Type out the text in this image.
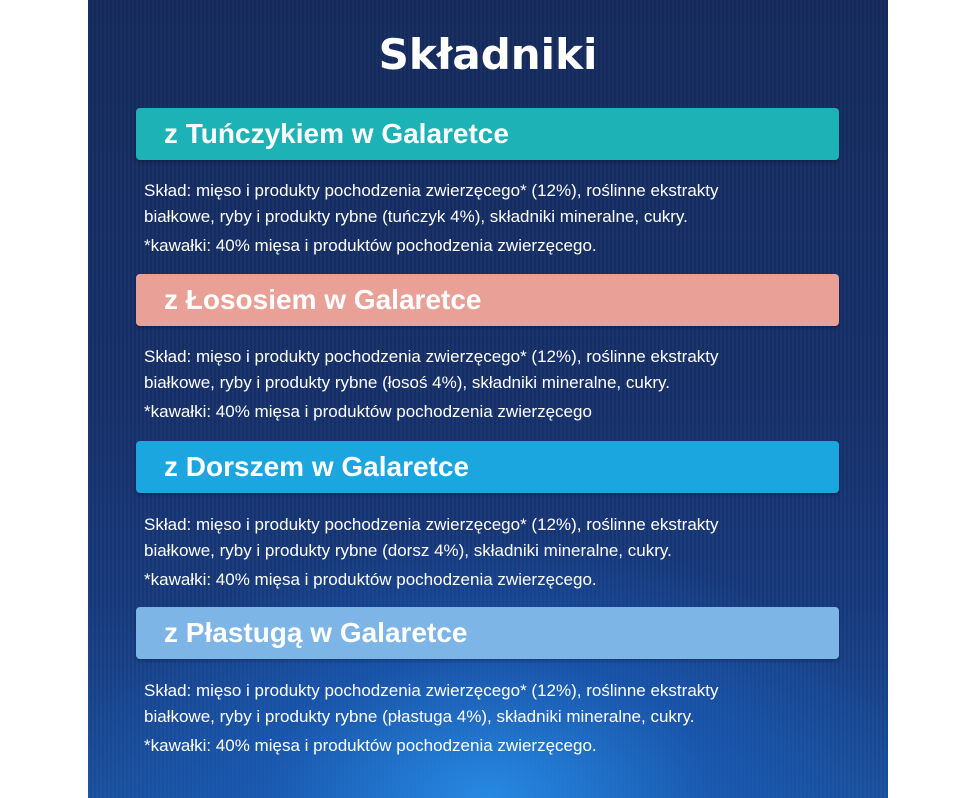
Składniki
z Tuńczykiem w Galaretce

Skład: mięso i produkty pochodzenia zwierzęcego* (12%), roślinne ekstrakty

białkowe, ryby i produkty rybne (tuńczyk 4%), składniki mineralne, cukry.

*kawałki: 40% mięsa i produktów pochodzenia zwierzęcego.

z Łososiem w Galaretce

Skład: mięso i produkty pochodzenia zwierzęcego* (12%), roślinne ekstrakty

białkowe, ryby i produkty rybne (łosoś 4%), składniki mineralne, cukry.

*kawałki: 40% mięsa i produktów pochodzenia zwierzęcego

z Dorszem w Galaretce

Skład: mięso i produkty pochodzenia zwierzęcego* (12%), roślinne ekstrakty

białkowe, ryby i produkty rybne (dorsz 4%), składniki mineralne, cukry.

*kawałki: 40% mięsa i produktów pochodzenia zwierzęcego.

z Płastugą w Galaretce

Skład: mięso i produkty pochodzenia zwierzęcego* (12%), roślinne ekstrakty

białkowe, ryby i produkty rybne (płastuga 4%), składniki mineralne, cukry.

*kawałki: 40% mięsa i produktów pochodzenia zwierzęcego.
